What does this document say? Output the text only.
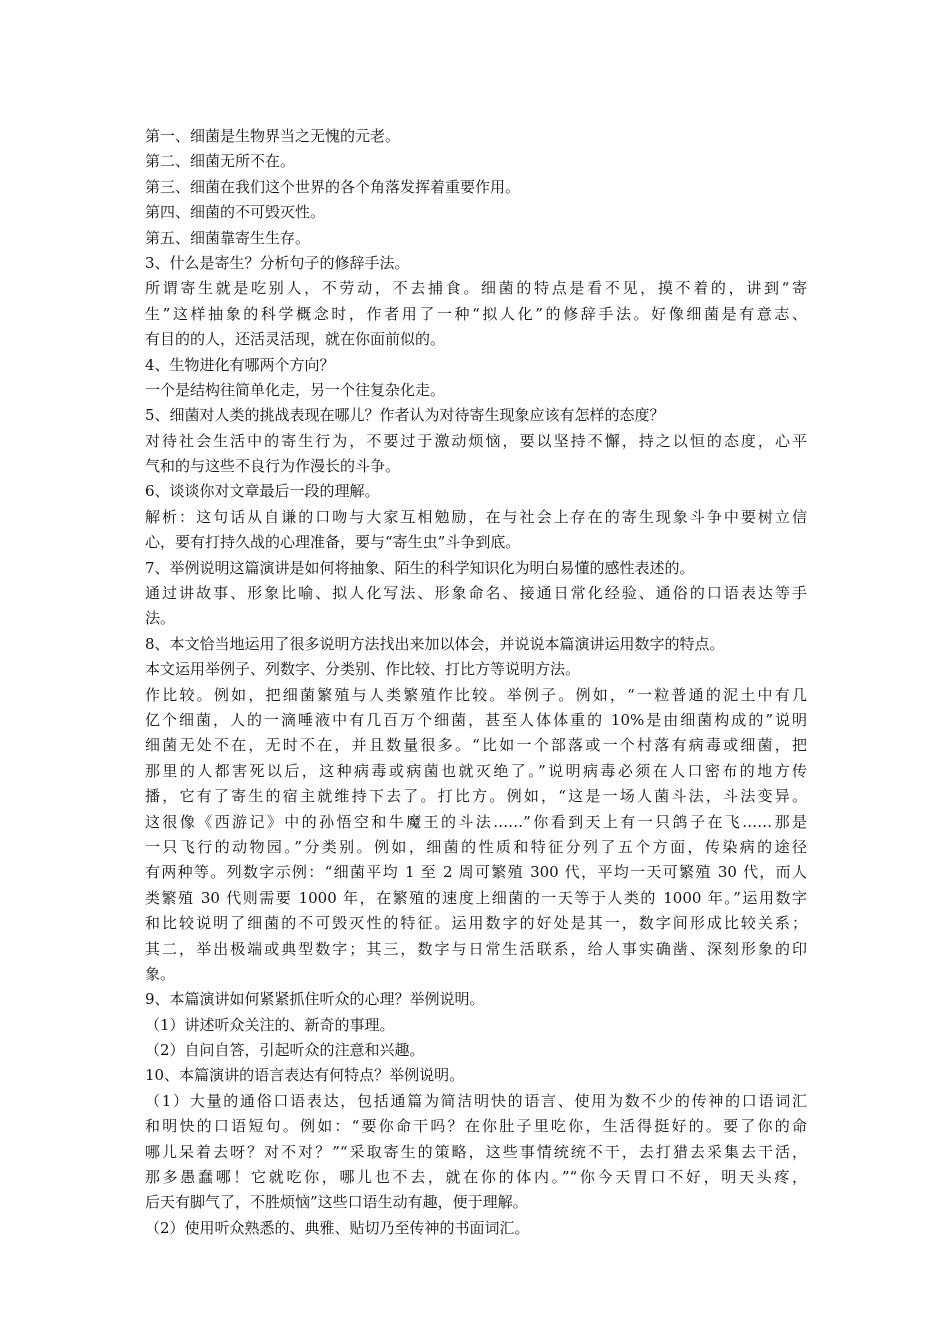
第一、细菌是生物界当之无愧的元老。
第二、细菌无所不在。
第三、细菌在我们这个世界的各个角落发挥着重要作用。
第四、细菌的不可毁灭性。
第五、细菌靠寄生生存。
3、什么是寄生？分析句子的修辞手法。
所谓寄生就是吃别人，不劳动，不去捕食。细菌的特点是看不见，摸不着的，讲到“寄
生”这样抽象的科学概念时，作者用了一种“拟人化”的修辞手法。好像细菌是有意志、
有目的的人，还活灵活现，就在你面前似的。
4、生物进化有哪两个方向？
一个是结构往简单化走，另一个往复杂化走。
5、细菌对人类的挑战表现在哪儿？作者认为对待寄生现象应该有怎样的态度？
对待社会生活中的寄生行为，不要过于激动烦恼，要以坚持不懈，持之以恒的态度，心平
气和的与这些不良行为作漫长的斗争。
6、谈谈你对文章最后一段的理解。
解析：这句话从自谦的口吻与大家互相勉励，在与社会上存在的寄生现象斗争中要树立信
心，要有打持久战的心理准备，要与“寄生虫”斗争到底。
7、举例说明这篇演讲是如何将抽象、陌生的科学知识化为明白易懂的感性表述的。
通过讲故事、形象比喻、拟人化写法、形象命名、接通日常化经验、通俗的口语表达等手
法。
8、本文恰当地运用了很多说明方法找出来加以体会，并说说本篇演讲运用数字的特点。
本文运用举例子、列数字、分类别、作比较、打比方等说明方法。
作比较。例如，把细菌繁殖与人类繁殖作比较。举例子。例如，“一粒普通的泥土中有几
亿个细菌，人的一滴唾液中有几百万个细菌，甚至人体体重的 10%是由细菌构成的”说明
细菌无处不在，无时不在，并且数量很多。“比如一个部落或一个村落有病毒或细菌，把
那里的人都害死以后，这种病毒或病菌也就灭绝了。”说明病毒必须在人口密布的地方传
播，它有了寄生的宿主就维持下去了。打比方。例如，“这是一场人菌斗法，斗法变异。
这很像《西游记》中的孙悟空和牛魔王的斗法……”你看到天上有一只鸽子在飞……那是
一只飞行的动物园。”分类别。例如，细菌的性质和特征分列了五个方面，传染病的途径
有两种等。列数字示例：“细菌平均 1 至 2 周可繁殖 300 代，平均一天可繁殖 30 代，而人
类繁殖 30 代则需要 1000 年，在繁殖的速度上细菌的一天等于人类的 1000 年。”运用数字
和比较说明了细菌的不可毁灭性的特征。运用数字的好处是其一，数字间形成比较关系；
其二，举出极端或典型数字；其三，数字与日常生活联系，给人事实确凿、深刻形象的印
象。
9、本篇演讲如何紧紧抓住听众的心理？举例说明。
（1）讲述听众关注的、新奇的事理。
（2）自问自答，引起听众的注意和兴趣。
10、本篇演讲的语言表达有何特点？举例说明。
（1）大量的通俗口语表达，包括通篇为简洁明快的语言、使用为数不少的传神的口语词汇
和明快的口语短句。例如：“要你命干吗？在你肚子里吃你，生活得挺好的。要了你的命
哪儿呆着去呀？对不对？”“采取寄生的策略，这些事情统统不干，去打猎去采集去干活，
那多愚蠢哪！它就吃你，哪儿也不去，就在你的体内。”“你今天胃口不好，明天头疼，
后天有脚气了，不胜烦恼”这些口语生动有趣，便于理解。
（2）使用听众熟悉的、典雅、贴切乃至传神的书面词汇。
